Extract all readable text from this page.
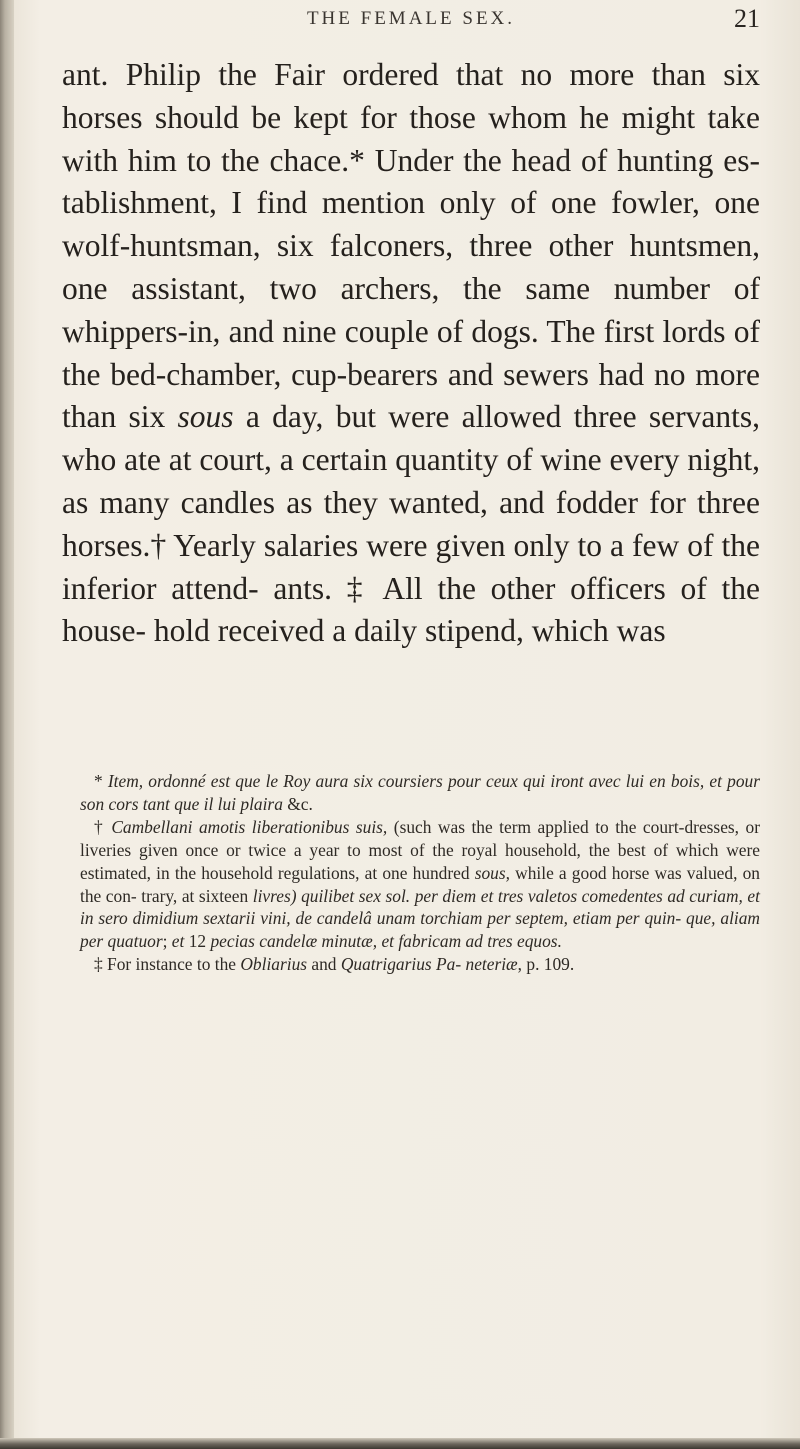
THE FEMALE SEX.	21

ant. Philip the Fair ordered that no more than six horses should be kept for those whom he might take with him to the chace.* Under the head of hunting es- tablishment, I find mention only of one fowler, one wolf-huntsman, six falconers, three other huntsmen, one assistant, two archers, the same number of whippers-in, and nine couple of dogs. The first lords of the bed-chamber, cup-bearers and sewers had no more than six sous a day, but were allowed three servants, who ate at court, a certain quantity of wine every night, as many candles as they wanted, and fodder for three horses.† Yearly salaries were given only to a few of the inferior attend- ants. ‡ All the other officers of the house- hold received a daily stipend, which was

* Item, ordonné est que le Roy aura six coursiers pour ceux qui iront avec lui en bois, et pour son cors tant que il lui plaira &c.

† Cambellani amotis liberationibus suis, (such was the term applied to the court-dresses, or liveries given once or twice a year to most of the royal household, the best of which were estimated, in the household regulations, at one hundred sous, while a good horse was valued, on the con- trary, at sixteen livres) quilibet sex sol. per diem et tres valetos comedentes ad curiam, et in sero dimidium sextarii vini, de candelâ unam torchiam per septem, etiam per quin- que, aliam per quatuor; et 12 pecias candelæ minutæ, et fabricam ad tres equos.

‡ For instance to the Obliarius and Quatrigarius Pa- neteriæ, p. 109.
